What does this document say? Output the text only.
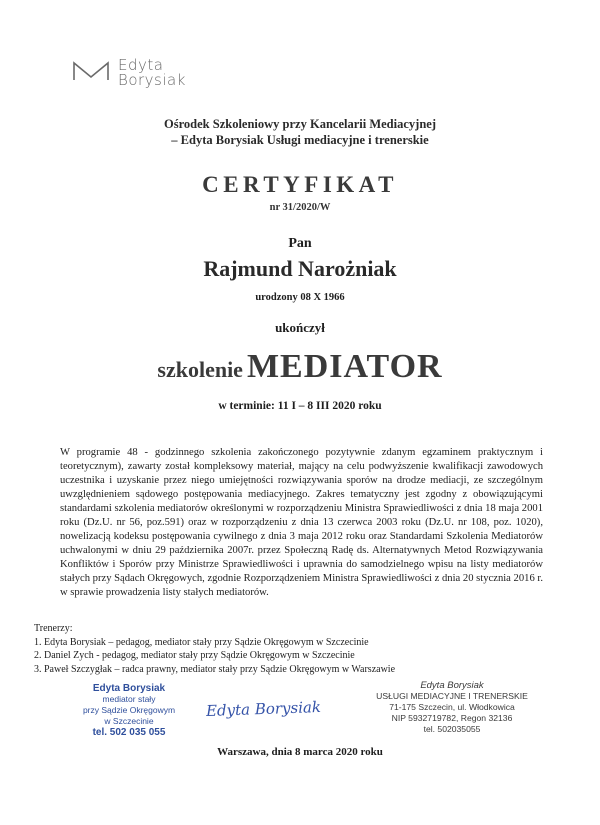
Edyta
Borysiak
Ośrodek Szkoleniowy przy Kancelarii Mediacyjnej
– Edyta Borysiak Usługi mediacyjne i trenerskie
CERTYFIKAT
nr 31/2020/W
Pan
Rajmund Narożniak
urodzony 08 X 1966
ukończył
szkolenie MEDIATOR
w terminie: 11 I – 8 III 2020 roku
W programie 48 - godzinnego szkolenia zakończonego pozytywnie zdanym egzaminem praktycznym i teoretycznym), zawarty został kompleksowy materiał, mający na celu podwyższenie kwalifikacji zawodowych uczestnika i uzyskanie przez niego umiejętności rozwiązywania sporów na drodze mediacji, ze szczególnym uwzględnieniem sądowego postępowania mediacyjnego. Zakres tematyczny jest zgodny z obowiązującymi standardami szkolenia mediatorów określonymi w rozporządzeniu Ministra Sprawiedliwości z dnia 18 maja 2001 roku (Dz.U. nr 56, poz.591) oraz w rozporządzeniu z dnia 13 czerwca 2003 roku (Dz.U. nr 108, poz. 1020), nowelizacją kodeksu postępowania cywilnego z dnia 3 maja 2012 roku oraz Standardami Szkolenia Mediatorów uchwalonymi w dniu 29 października 2007r. przez Społeczną Radę ds. Alternatywnych Metod Rozwiązywania Konfliktów i Sporów przy Ministrze Sprawiedliwości i uprawnia do samodzielnego wpisu na listy mediatorów stałych przy Sądach Okręgowych, zgodnie Rozporządzeniem Ministra Sprawiedliwości z dnia 20 stycznia 2016 r. w sprawie prowadzenia listy stałych mediatorów.
Trenerzy:
1. Edyta Borysiak – pedagog, mediator stały przy Sądzie Okręgowym w Szczecinie
2. Daniel Zych - pedagog, mediator stały przy Sądzie Okręgowym w Szczecinie
3. Paweł Szczygłak – radca prawny, mediator stały przy Sądzie Okręgowym w Warszawie
Edyta Borysiak
mediator stały
przy Sądzie Okręgowym
w Szczecinie
tel. 502 035 055
Edyta Borysiak
Edyta Borysiak
USŁUGI MEDIACYJNE I TRENERSKIE
71-175 Szczecin, ul. Włodkowica
NIP 5932719782, Regon 32136
tel. 502035055
Warszawa, dnia 8 marca 2020 roku
